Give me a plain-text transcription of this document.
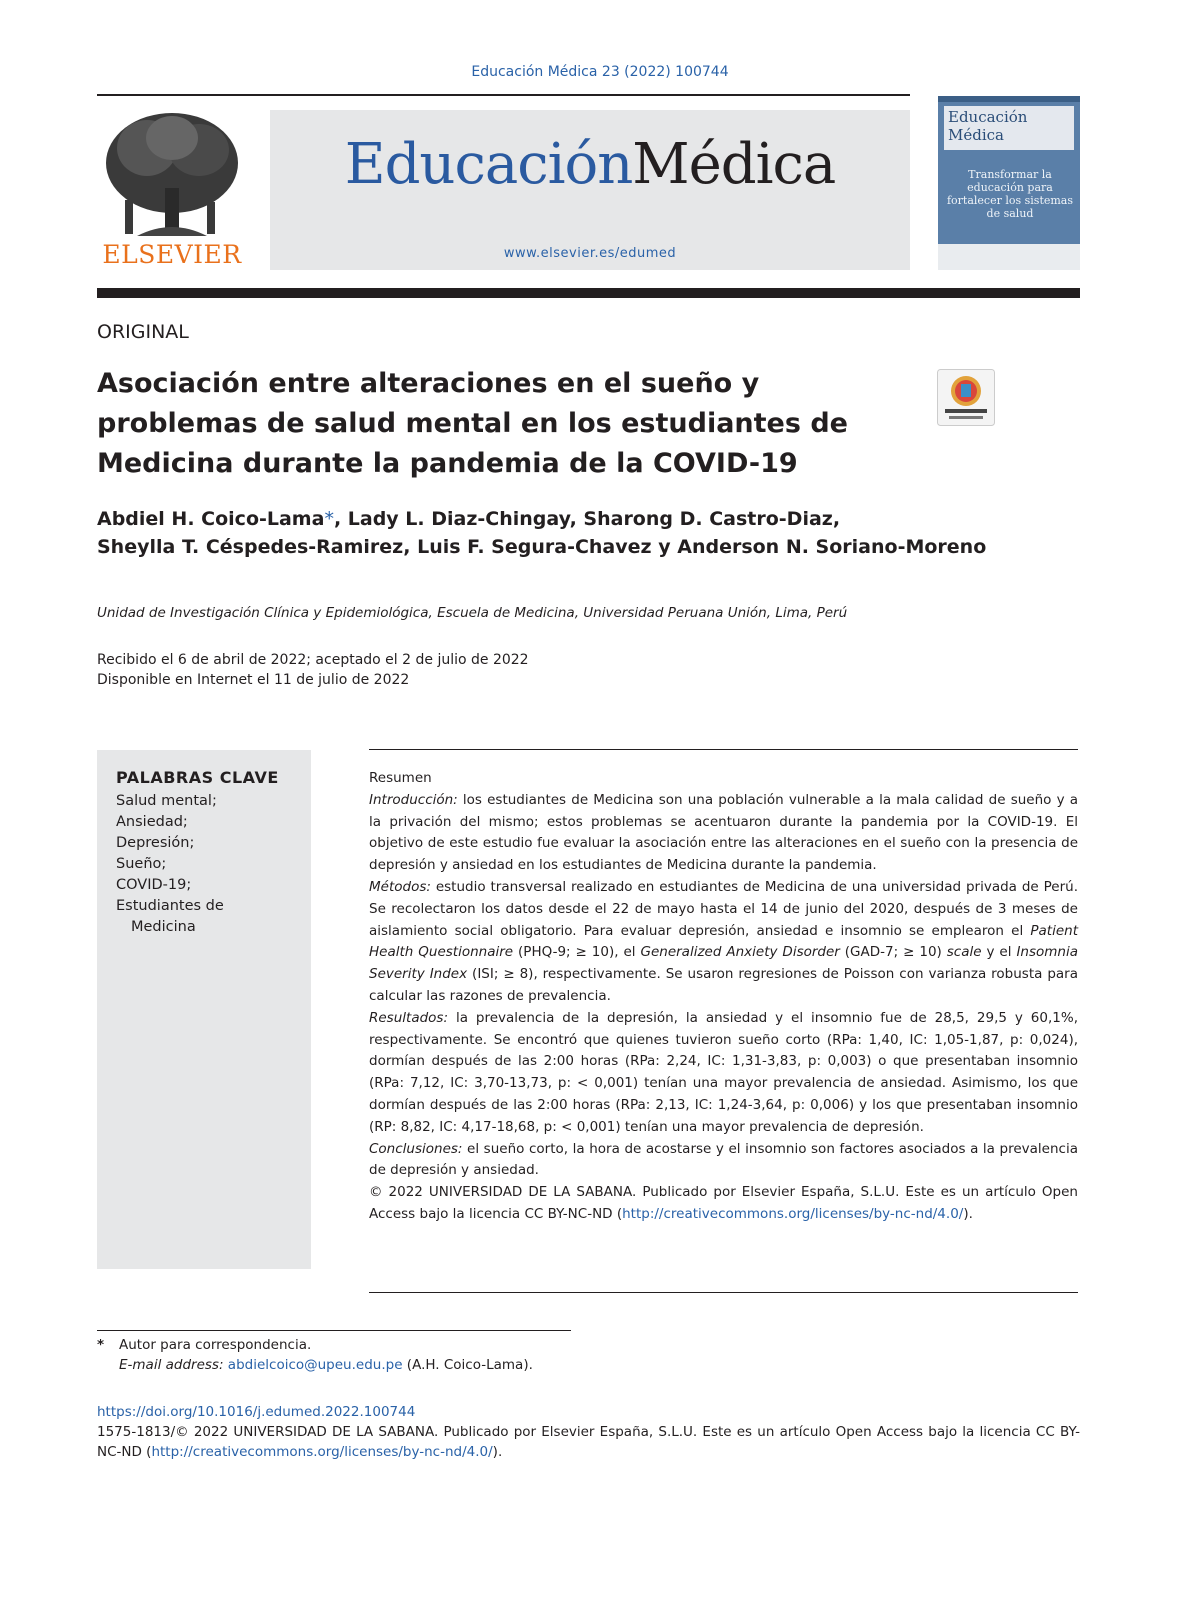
Educación Médica 23 (2022) 100744
ELSEVIER
EducaciónMédica
www.elsevier.es/edumed
Educación
Médica
Transformar la educación para fortalecer los sistemas de salud
ORIGINAL
Asociación entre alteraciones en el sueño y problemas de salud mental en los estudiantes de Medicina durante la pandemia de la COVID-19
Abdiel H. Coico-Lama*, Lady L. Diaz-Chingay, Sharong D. Castro-Diaz,
Sheylla T. Céspedes-Ramirez, Luis F. Segura-Chavez y Anderson N. Soriano-Moreno
Unidad de Investigación Clínica y Epidemiológica, Escuela de Medicina, Universidad Peruana Unión, Lima, Perú
Recibido el 6 de abril de 2022; aceptado el 2 de julio de 2022
Disponible en Internet el 11 de julio de 2022
PALABRAS CLAVE
Salud mental;
Ansiedad;
Depresión;
Sueño;
COVID-19;
Estudiantes de
Medicina

Resumen

Introducción: los estudiantes de Medicina son una población vulnerable a la mala calidad de sueño y a la privación del mismo; estos problemas se acentuaron durante la pandemia por la COVID-19. El objetivo de este estudio fue evaluar la asociación entre las alteraciones en el sueño con la presencia de depresión y ansiedad en los estudiantes de Medicina durante la pandemia.

Métodos: estudio transversal realizado en estudiantes de Medicina de una universidad privada de Perú. Se recolectaron los datos desde el 22 de mayo hasta el 14 de junio del 2020, después de 3 meses de aislamiento social obligatorio. Para evaluar depresión, ansiedad e insomnio se emplearon el Patient Health Questionnaire (PHQ-9; ≥ 10), el Generalized Anxiety Disorder (GAD-7; ≥ 10) scale y el Insomnia Severity Index (ISI; ≥ 8), respectivamente. Se usaron regresiones de Poisson con varianza robusta para calcular las razones de prevalencia.

Resultados: la prevalencia de la depresión, la ansiedad y el insomnio fue de 28,5, 29,5 y 60,1%, respectivamente. Se encontró que quienes tuvieron sueño corto (RPa: 1,40, IC: 1,05-1,87, p: 0,024), dormían después de las 2:00 horas (RPa: 2,24, IC: 1,31-3,83, p: 0,003) o que presentaban insomnio (RPa: 7,12, IC: 3,70-13,73, p: < 0,001) tenían una mayor prevalencia de ansiedad. Asimismo, los que dormían después de las 2:00 horas (RPa: 2,13, IC: 1,24-3,64, p: 0,006) y los que presentaban insomnio (RP: 8,82, IC: 4,17-18,68, p: < 0,001) tenían una mayor prevalencia de depresión.

Conclusiones: el sueño corto, la hora de acostarse y el insomnio son factores asociados a la prevalencia de depresión y ansiedad.

© 2022 UNIVERSIDAD DE LA SABANA. Publicado por Elsevier España, S.L.U. Este es un artículo Open Access bajo la licencia CC BY-NC-ND (http://creativecommons.org/licenses/by-nc-nd/4.0/).

* Autor para correspondencia.
E-mail address: abdielcoico@upeu.edu.pe (A.H. Coico-Lama).
https://doi.org/10.1016/j.edumed.2022.100744
1575-1813/© 2022 UNIVERSIDAD DE LA SABANA. Publicado por Elsevier España, S.L.U. Este es un artículo Open Access bajo la licencia CC BY-NC-ND (http://creativecommons.org/licenses/by-nc-nd/4.0/).
